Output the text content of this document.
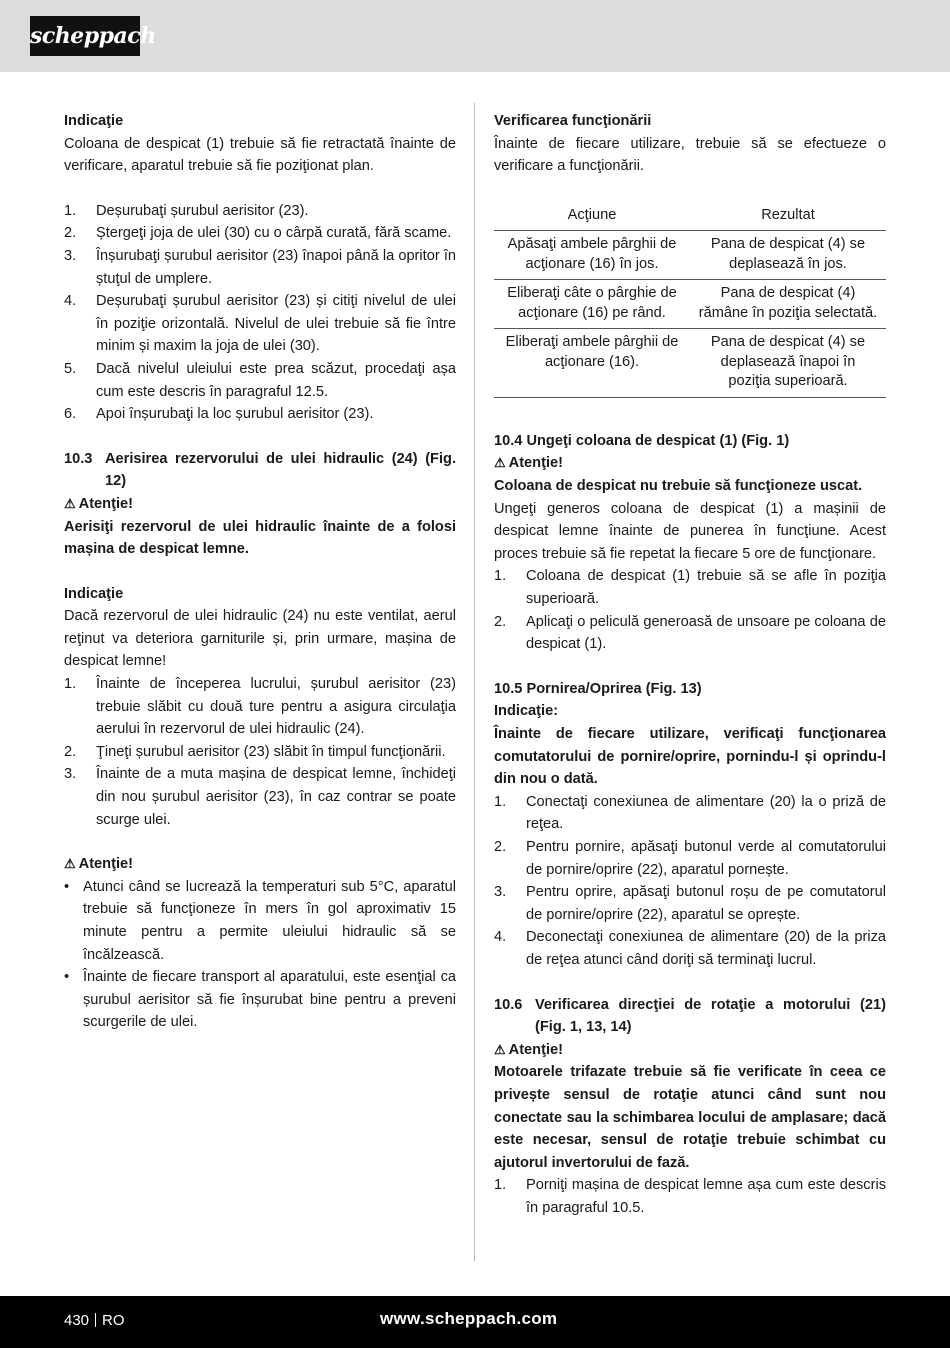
scheppach

Indicaţie

Coloana de despicat (1) trebuie să fie retractată înainte de verificare, aparatul trebuie să fie poziţionat plan.

1. Deșurubaţi șurubul aerisitor (23).
2. Ștergeţi joja de ulei (30) cu o cârpă curată, fără scame.
3. Înșurubaţi șurubul aerisitor (23) înapoi până la opritor în ștuţul de umplere.
4. Deșurubaţi șurubul aerisitor (23) și citiţi nivelul de ulei în poziţie orizontală. Nivelul de ulei trebuie să fie între minim și maxim la joja de ulei (30).
5. Dacă nivelul uleiului este prea scăzut, procedaţi așa cum este descris în paragraful 12.5.
6. Apoi înșurubaţi la loc șurubul aerisitor (23).

10.3 Aerisirea rezervorului de ulei hidraulic (24) (Fig. 12)

⚠ Atenţie!

Aerisiţi rezervorul de ulei hidraulic înainte de a folosi mașina de despicat lemne.

Indicaţie

Dacă rezervorul de ulei hidraulic (24) nu este ventilat, aerul reţinut va deteriora garniturile și, prin urmare, mașina de despicat lemne!

1. Înainte de începerea lucrului, șurubul aerisitor (23) trebuie slăbit cu două ture pentru a asigura circulaţia aerului în rezervorul de ulei hidraulic (24).
2. Ţineţi șurubul aerisitor (23) slăbit în timpul funcţionării.
3. Înainte de a muta mașina de despicat lemne, închideţi din nou șurubul aerisitor (23), în caz contrar se poate scurge ulei.

⚠ Atenţie!

• Atunci când se lucrează la temperaturi sub 5°C, aparatul trebuie să funcţioneze în mers în gol aproximativ 15 minute pentru a permite uleiului hidraulic să se încălzească.
• Înainte de fiecare transport al aparatului, este esenţial ca șurubul aerisitor să fie înșurubat bine pentru a preveni scurgerile de ulei.

Verificarea funcţionării

Înainte de fiecare utilizare, trebuie să se efectueze o verificare a funcţionării.

Acţiune	Rezultat
Apăsaţi ambele pârghii de acţionare (16) în jos.	Pana de despicat (4) se deplasează în jos.
Eliberaţi câte o pârghie de acţionare (16) pe rând.	Pana de despicat (4) rămâne în poziţia selectată.
Eliberaţi ambele pârghii de acţionare (16).	Pana de despicat (4) se deplasează înapoi în poziţia superioară.

10.4 Ungeţi coloana de despicat (1) (Fig. 1)

⚠ Atenţie!

Coloana de despicat nu trebuie să funcţioneze uscat.

Ungeţi generos coloana de despicat (1) a mașinii de despicat lemne înainte de punerea în funcţiune. Acest proces trebuie să fie repetat la fiecare 5 ore de funcţionare.

1. Coloana de despicat (1) trebuie să se afle în poziţia superioară.
2. Aplicaţi o peliculă generoasă de unsoare pe coloana de despicat (1).

10.5 Pornirea/Oprirea (Fig. 13)

Indicaţie:

Înainte de fiecare utilizare, verificaţi funcţionarea comutatorului de pornire/oprire, pornindu-l și oprindu-l din nou o dată.

1. Conectaţi conexiunea de alimentare (20) la o priză de reţea.
2. Pentru pornire, apăsaţi butonul verde al comutatorului de pornire/oprire (22), aparatul pornește.
3. Pentru oprire, apăsaţi butonul roșu de pe comutatorul de pornire/oprire (22), aparatul se oprește.
4. Deconectaţi conexiunea de alimentare (20) de la priza de reţea atunci când doriţi să terminaţi lucrul.

10.6 Verificarea direcţiei de rotaţie a motorului (21) (Fig. 1, 13, 14)

⚠ Atenţie!

Motoarele trifazate trebuie să fie verificate în ceea ce privește sensul de rotaţie atunci când sunt nou conectate sau la schimbarea locului de amplasare; dacă este necesar, sensul de rotaţie trebuie schimbat cu ajutorul invertorului de fază.

1. Porniţi mașina de despicat lemne așa cum este descris în paragraful 10.5.
430 RO	www.scheppach.com
